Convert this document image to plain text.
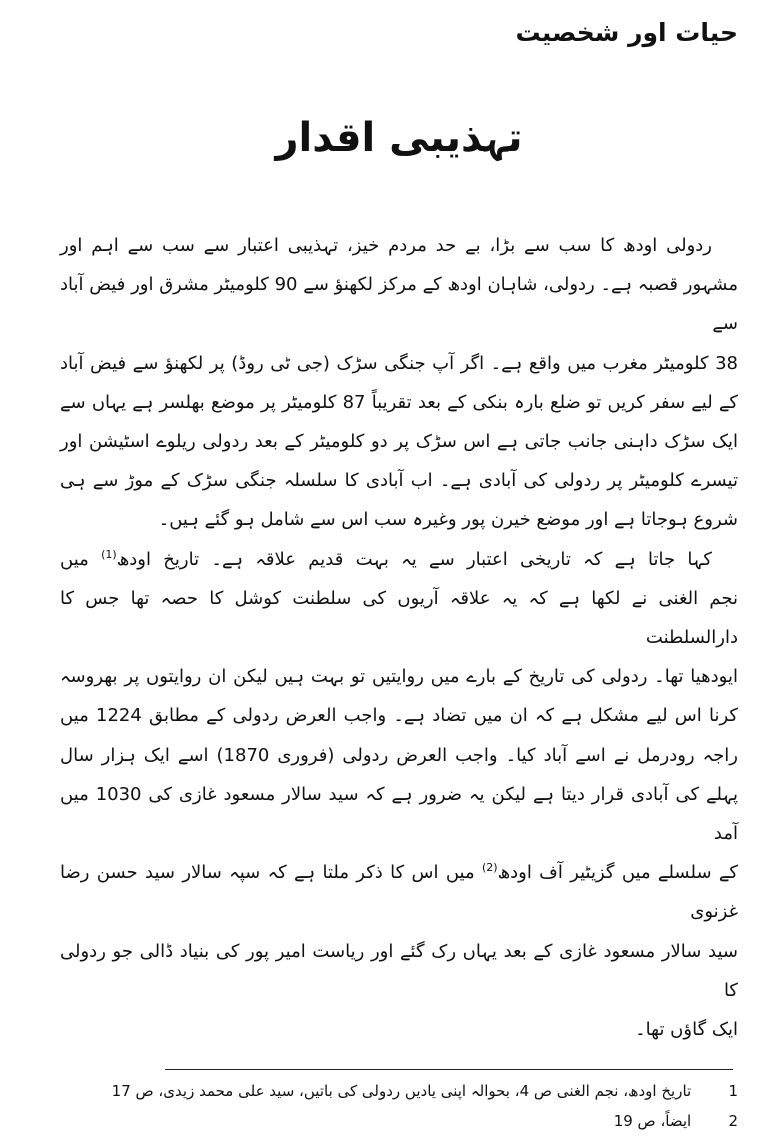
حیات اور شخصیت
تہذیبی اقدار
ردولی اودھ کا سب سے بڑا، بے حد مردم خیز، تہذیبی اعتبار سے سب سے اہم اور
مشہور قصبہ ہے۔ ردولی، شاہان اودھ کے مرکز لکھنؤ سے 90 کلومیٹر مشرق اور فیض آباد سے
38 کلومیٹر مغرب میں واقع ہے۔ اگر آپ جنگی سڑک (جی ٹی روڈ) پر لکھنؤ سے فیض آباد
کے لیے سفر کریں تو ضلع بارہ بنکی کے بعد تقریباً 87 کلومیٹر پر موضع بھلسر ہے یہاں سے
ایک سڑک داہنی جانب جاتی ہے اس سڑک پر دو کلومیٹر کے بعد ردولی ریلوے اسٹیشن اور
تیسرے کلومیٹر پر ردولی کی آبادی ہے۔ اب آبادی کا سلسلہ جنگی سڑک کے موڑ سے ہی
شروع ہوجاتا ہے اور موضع خیرن پور وغیرہ سب اس سے شامل ہو گئے ہیں۔
کہا جاتا ہے کہ تاریخی اعتبار سے یہ بہت قدیم علاقہ ہے۔ تاریخ اودھ$^{(1)}$ میں
نجم الغنی نے لکھا ہے کہ یہ علاقہ آریوں کی سلطنت کوشل کا حصہ تھا جس کا دارالسلطنت
ایودھیا تھا۔ ردولی کی تاریخ کے بارے میں روایتیں تو بہت ہیں لیکن ان روایتوں پر بھروسہ
کرنا اس لیے مشکل ہے کہ ان میں تضاد ہے۔ واجب العرض ردولی کے مطابق 1224 میں
راجہ رودرمل نے اسے آباد کیا۔ واجب العرض ردولی (فروری 1870) اسے ایک ہزار سال
پہلے کی آبادی قرار دیتا ہے لیکن یہ ضرور ہے کہ سید سالار مسعود غازی کی 1030 میں آمد
کے سلسلے میں گزیٹیر آف اودھ$^{(2)}$ میں اس کا ذکر ملتا ہے کہ سپہ سالار سید حسن رضا غزنوی
سید سالار مسعود غازی کے بعد یہاں رک گئے اور ریاست امیر پور کی بنیاد ڈالی جو ردولی کا
ایک گاؤں تھا۔
1 تاریخ اودھ، نجم الغنی ص 4، بحوالہ اپنی یادیں ردولی کی باتیں، سید علی محمد زیدی، ص 17
2 ایضاً، ص 19
